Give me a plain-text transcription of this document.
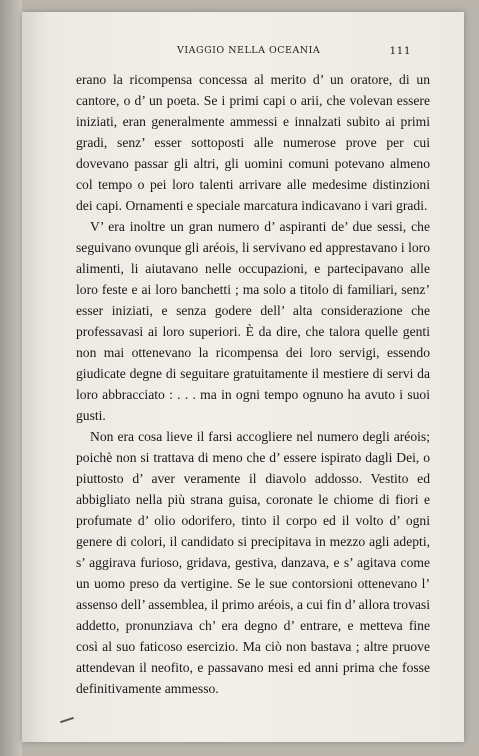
VIAGGIO NELLA OCEANIA	111

erano la ricompensa concessa al merito d’ un oratore, di un cantore, o d’ un poeta. Se i primi capi o arii, che volevan essere iniziati, eran generalmente ammessi e innalzati subito ai primi gradi, senz’ esser sottoposti alle numerose prove per cui dovevano passar gli altri, gli uomini comuni potevano almeno col tempo o pei loro talenti arrivare alle medesime distinzioni dei capi. Ornamenti e speciale marcatura indicavano i vari gradi.

V’ era inoltre un gran numero d’ aspiranti de’ due sessi, che seguivano ovunque gli aréois, li servivano ed apprestavano i loro alimenti, li aiutavano nelle occupazioni, e partecipavano alle loro feste e ai loro banchetti ; ma solo a titolo di familiari, senz’ esser iniziati, e senza godere dell’ alta considerazione che professavasi ai loro superiori. È da dire, che talora quelle genti non mai ottenevano la ricompensa dei loro servigi, essendo giudicate degne di seguitare gratuitamente il mestiere di servi da loro abbracciato : . . . ma in ogni tempo ognuno ha avuto i suoi gusti.

Non era cosa lieve il farsi accogliere nel numero degli aréois; poichè non si trattava di meno che d’ essere ispirato dagli Dei, o piuttosto d’ aver veramente il diavolo addosso. Vestito ed abbigliato nella più strana guisa, coronate le chiome di fiori e profumate d’ olio odorifero, tinto il corpo ed il volto d’ ogni genere di colori, il candidato si precipitava in mezzo agli adepti, s’ aggirava furioso, gridava, gestiva, danzava, e s’ agitava come un uomo preso da vertigine. Se le sue contorsioni ottenevano l’ assenso dell’ assemblea, il primo aréois, a cui fin d’ allora trovasi addetto, pronunziava ch’ era degno d’ entrare, e metteva fine così al suo faticoso esercizio. Ma ciò non bastava ; altre pruove attendevan il neofito, e passavano mesi ed anni prima che fosse definitivamente ammesso.
